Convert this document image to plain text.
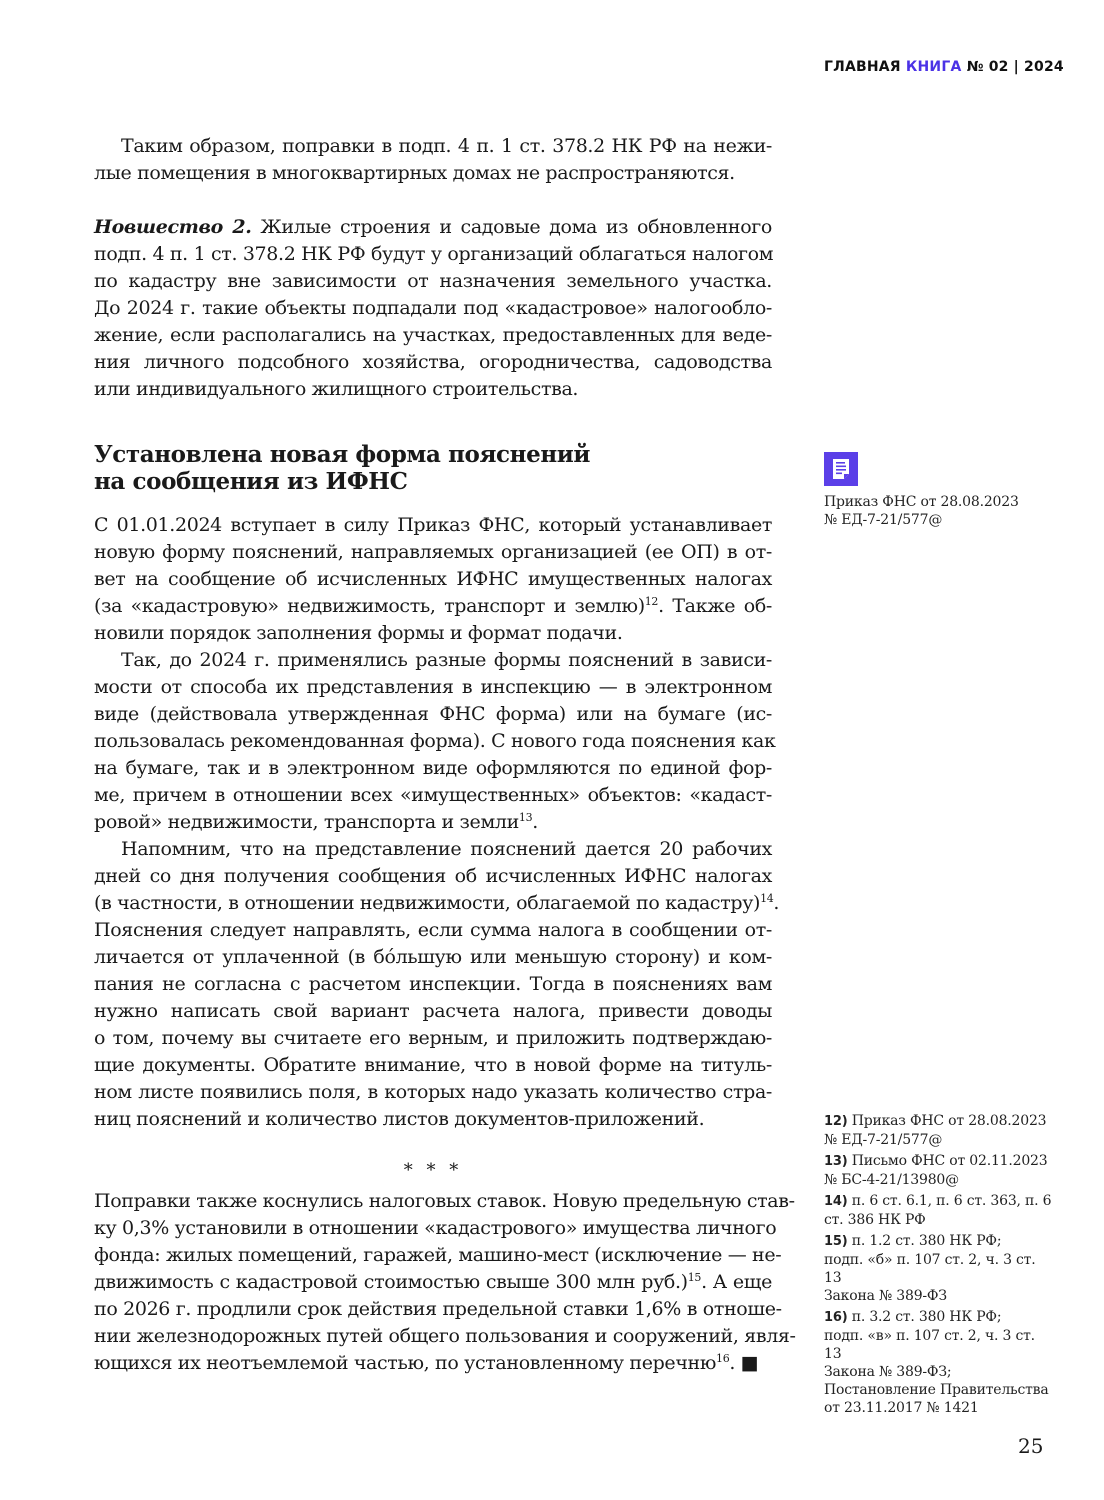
ГЛАВНАЯ КНИГА № 02 | 2024
Таким образом, поправки в подп. 4 п. 1 ст. 378.2 НК РФ на нежи-
лые помещения в многоквартирных домах не распространяются.
Новшество 2. Жилые строения и садовые дома из обновленного
подп. 4 п. 1 ст. 378.2 НК РФ будут у организаций облагаться налогом
по кадастру вне зависимости от назначения земельного участка.
До 2024 г. такие объекты подпадали под «кадастровое» налогообло-
жение, если располагались на участках, предоставленных для веде-
ния личного подсобного хозяйства, огородничества, садоводства
или индивидуального жилищного строительства.
Установлена новая форма пояснений
на сообщения из ИФНС
С 01.01.2024 вступает в силу Приказ ФНС, который устанавливает
новую форму пояснений, направляемых организацией (ее ОП) в от-
вет на сообщение об исчисленных ИФНС имущественных налогах
(за «кадастровую» недвижимость, транспорт и землю)$^{12}$. Также об-
новили порядок заполнения формы и формат подачи.
Так, до 2024 г. применялись разные формы пояснений в зависи-
мости от способа их представления в инспекцию — в электронном
виде (действовала утвержденная ФНС форма) или на бумаге (ис-
пользовалась рекомендованная форма). С нового года пояснения как
на бумаге, так и в электронном виде оформляются по единой фор-
ме, причем в отношении всех «имущественных» объектов: «кадаст-
ровой» недвижимости, транспорта и земли$^{13}$.
Напомним, что на представление пояснений дается 20 рабочих
дней со дня получения сообщения об исчисленных ИФНС налогах
(в частности, в отношении недвижимости, облагаемой по кадастру)$^{14}$.
Пояснения следует направлять, если сумма налога в сообщении от-
личается от уплаченной (в бо́льшую или меньшую сторону) и ком-
пания не согласна с расчетом инспекции. Тогда в пояснениях вам
нужно написать свой вариант расчета налога, привести доводы
о том, почему вы считаете его верным, и приложить подтверждаю-
щие документы. Обратите внимание, что в новой форме на титуль-
ном листе появились поля, в которых надо указать количество стра-
ниц пояснений и количество листов документов-приложений.
* * *
Поправки также коснулись налоговых ставок. Новую предельную став-
ку 0,3% установили в отношении «кадастрового» имущества личного
фонда: жилых помещений, гаражей, машино-мест (исключение — не-
движимость с кадастровой стоимостью свыше 300 млн руб.)$^{15}$. А еще
по 2026 г. продлили срок действия предельной ставки 1,6% в отноше-
нии железнодорожных путей общего пользования и сооружений, явля-
ющихся их неотъемлемой частью, по установленному перечню$^{16}$. ■
Приказ ФНС от 28.08.2023
№ ЕД-7-21/577@
12) Приказ ФНС от 28.08.2023
№ ЕД-7-21/577@
13) Письмо ФНС от 02.11.2023
№ БС-4-21/13980@
14) п. 6 ст. 6.1, п. 6 ст. 363, п. 6
ст. 386 НК РФ
15) п. 1.2 ст. 380 НК РФ;
подп. «б» п. 107 ст. 2, ч. 3 ст. 13
Закона № 389-ФЗ
16) п. 3.2 ст. 380 НК РФ;
подп. «в» п. 107 ст. 2, ч. 3 ст. 13
Закона № 389-ФЗ;
Постановление Правительства
от 23.11.2017 № 1421
25
